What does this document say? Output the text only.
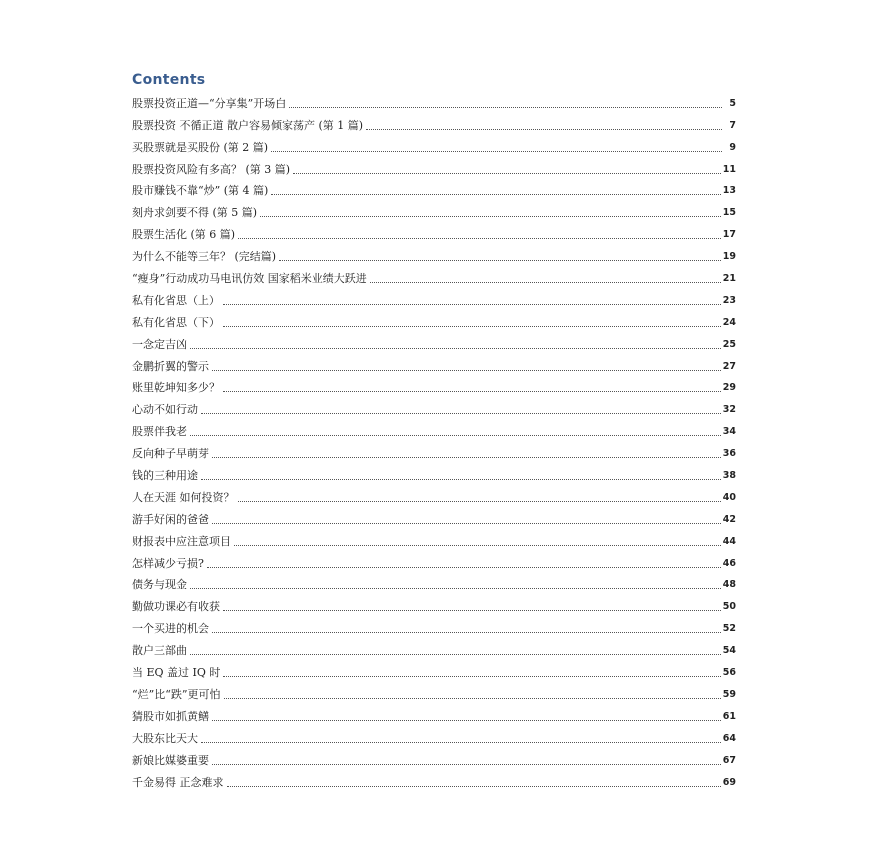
Contents
股票投资正道—“分享集”开场白	5
股票投资 不循正道 散户容易倾家荡产 (第 1 篇)	7
买股票就是买股份 (第 2 篇)	9
股票投资风险有多高？ (第 3 篇)	11
股市赚钱不靠“炒” (第 4 篇)	13
刻舟求剑要不得 (第 5 篇)	15
股票生活化 (第 6 篇)	17
为什么不能等三年？ (完结篇)	19
“瘦身”行动成功马电讯仿效 国家稻米业绩大跃进	21
私有化省思（上）	23
私有化省思（下）	24
一念定吉凶	25
金鹏折翼的警示	27
账里乾坤知多少？	29
心动不如行动	32
股票伴我老	34
反向种子早萌芽	36
钱的三种用途	38
人在天涯 如何投资？	40
游手好闲的爸爸	42
财报表中应注意项目	44
怎样减少亏损?	46
债务与现金	48
勤做功课必有收获	50
一个买进的机会	52
散户三部曲	54
当 EQ 盖过 IQ 时	56
“烂”比“跌”更可怕	59
猜股市如抓黄鳝	61
大股东比天大	64
新娘比媒婆重要	67
千金易得 正念难求	69
